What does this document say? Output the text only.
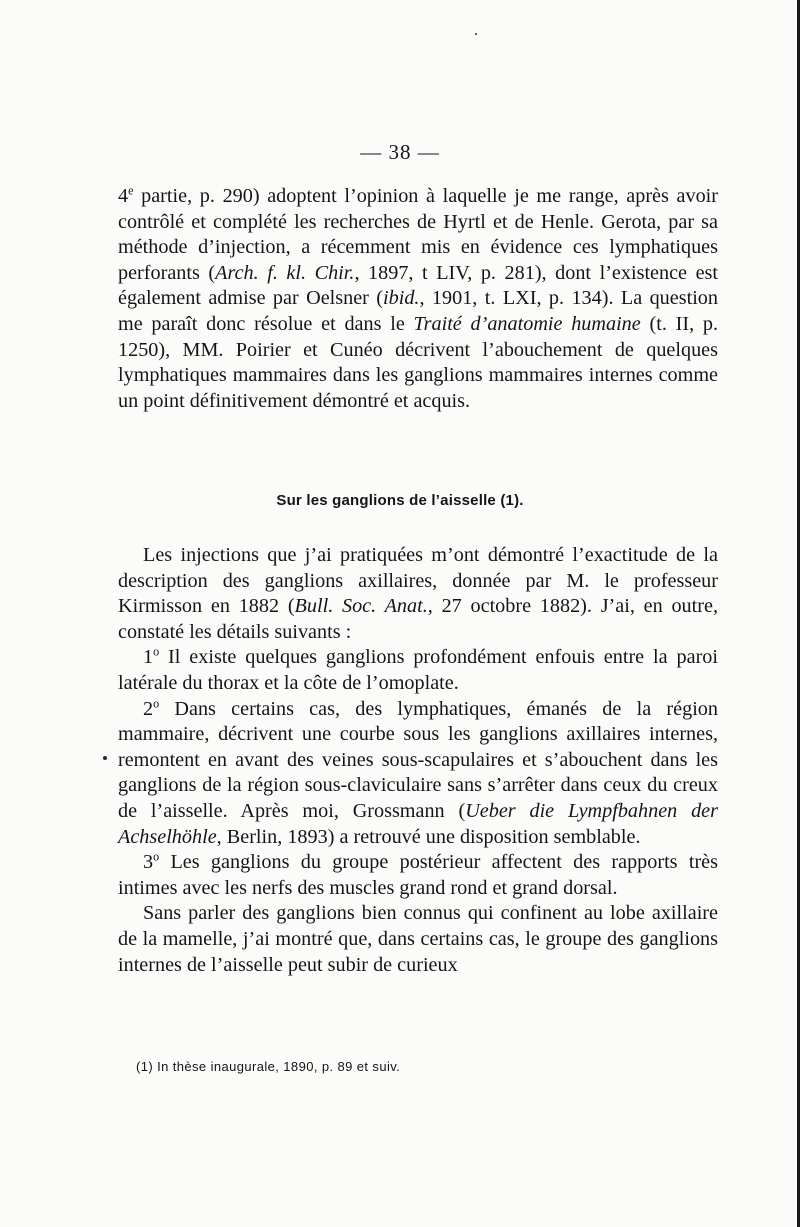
— 38 —

4e partie, p. 290) adoptent l’opinion à laquelle je me range, après avoir contrôlé et complété les recherches de Hyrtl et de Henle. Gerota, par sa méthode d’injection, a récemment mis en évidence ces lymphatiques perforants (Arch. f. kl. Chir., 1897, t LIV, p. 281), dont l’existence est également admise par Oelsner (ibid., 1901, t. LXI, p. 134). La question me paraît donc résolue et dans le Traité d’anatomie humaine (t. II, p. 1250), MM. Poirier et Cunéo décrivent l’abouchement de quelques lymphatiques mammaires dans les ganglions mammaires internes comme un point définitivement démontré et acquis.

Sur les ganglions de l’aisselle (1).

Les injections que j’ai pratiquées m’ont démontré l’exactitude de la description des ganglions axillaires, donnée par M. le professeur Kirmisson en 1882 (Bull. Soc. Anat., 27 octobre 1882). J’ai, en outre, constaté les détails suivants :

1$^o$ Il existe quelques ganglions profondément enfouis entre la paroi latérale du thorax et la côte de l’omoplate.

2$^o$ Dans certains cas, des lymphatiques, émanés de la région mammaire, décrivent une courbe sous les ganglions axillaires internes, remontent en avant des veines sous-scapulaires et s’abouchent dans les ganglions de la région sous-claviculaire sans s’arrêter dans ceux du creux de l’aisselle. Après moi, Grossmann (Ueber die Lympfbahnen der Achselhöhle, Berlin, 1893) a retrouvé une disposition semblable.

3$^o$ Les ganglions du groupe postérieur affectent des rapports très intimes avec les nerfs des muscles grand rond et grand dorsal.

Sans parler des ganglions bien connus qui confinent au lobe axillaire de la mamelle, j’ai montré que, dans certains cas, le groupe des ganglions internes de l’aisselle peut subir de curieux

(1) In thèse inaugurale, 1890, p. 89 et suiv.
